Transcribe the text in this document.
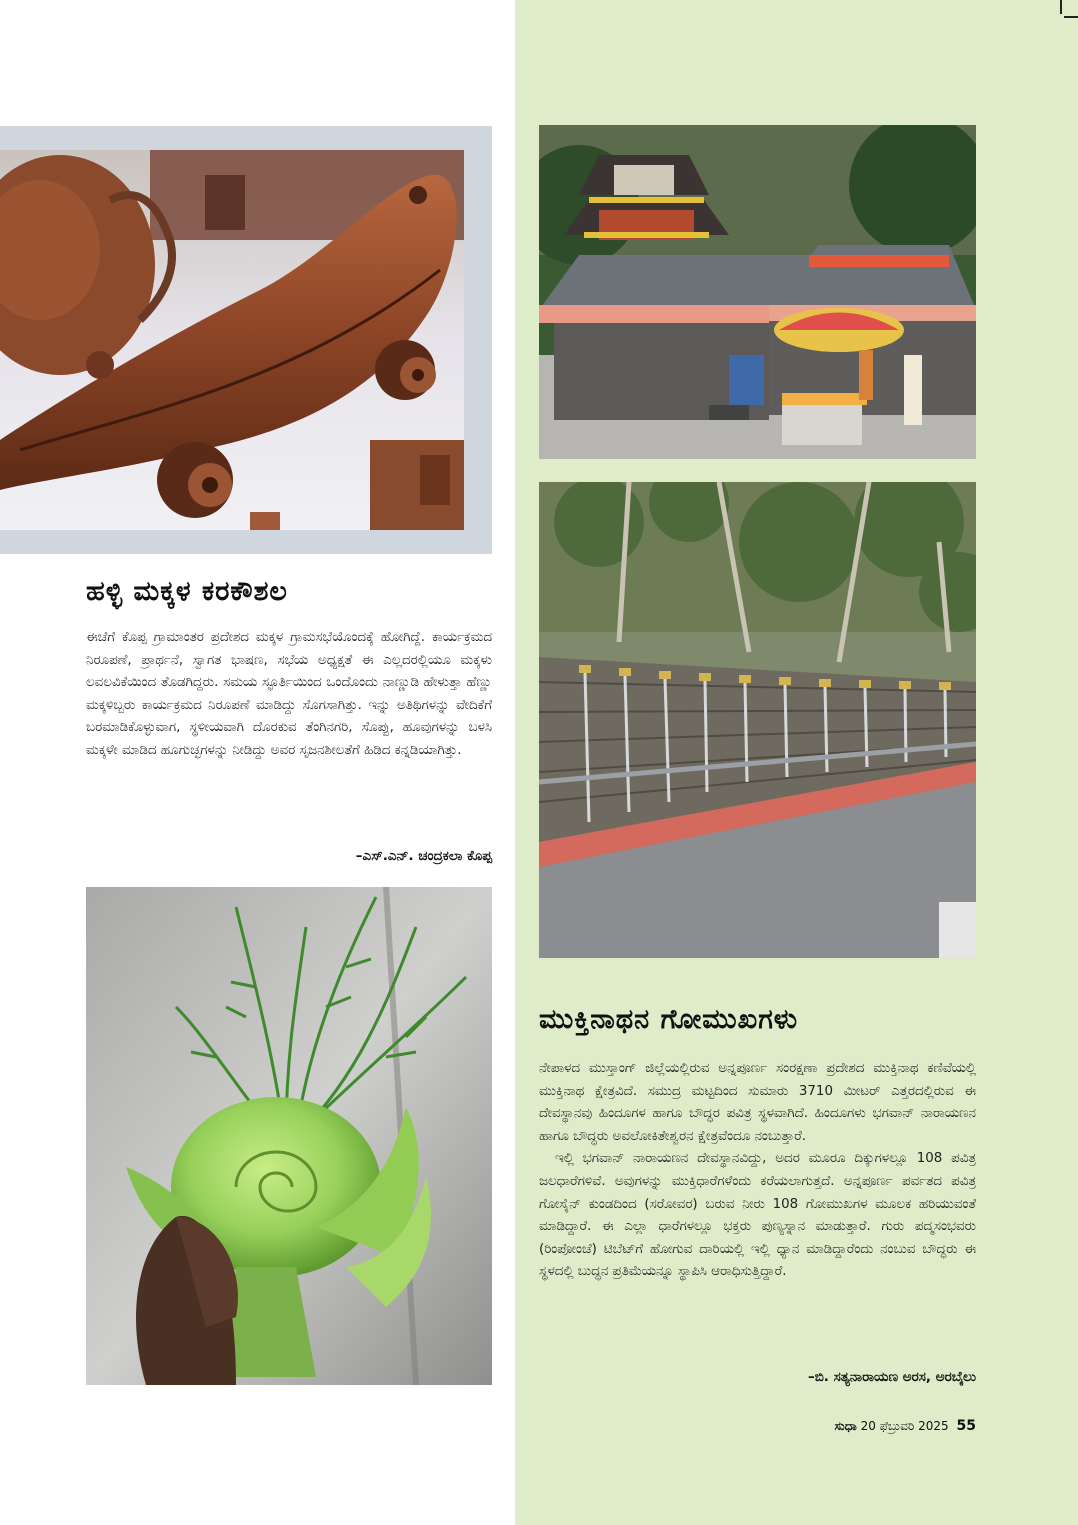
ಹಳ್ಳಿ ಮಕ್ಕಳ ಕರಕೌಶಲ

ಈಚೆಗೆ ಕೊಪ್ಪ ಗ್ರಾಮಾಂತರ ಪ್ರದೇಶದ ಮಕ್ಕಳ ಗ್ರಾಮಸಭೆಯೊಂದಕ್ಕೆ ಹೋಗಿದ್ದೆ. ಕಾರ್ಯಕ್ರಮದ ನಿರೂಪಣೆ, ಪ್ರಾರ್ಥನೆ, ಸ್ವಾಗತ ಭಾಷಣ, ಸಭೆಯ ಅಧ್ಯಕ್ಷತೆ ಈ ಎಲ್ಲದರಲ್ಲಿಯೂ ಮಕ್ಕಳು ಲವಲವಿಕೆಯಿಂದ ತೊಡಗಿದ್ದರು. ಸಮಯ ಸ್ಫೂರ್ತಿಯಿಂದ ಒಂದೊಂದು ನಾಣ್ಣುಡಿ ಹೇಳುತ್ತಾ ಹೆಣ್ಣು ಮಕ್ಕಳಿಬ್ಬರು ಕಾರ್ಯಕ್ರಮದ ನಿರೂಪಣೆ ಮಾಡಿದ್ದು ಸೊಗಸಾಗಿತ್ತು. ಇನ್ನು ಅತಿಥಿಗಳನ್ನು ವೇದಿಕೆಗೆ ಬರಮಾಡಿಕೊಳ್ಳುವಾಗ, ಸ್ಥಳೀಯವಾಗಿ ದೊರಕುವ ತೆಂಗಿನಗರಿ, ಸೊಪ್ಪು, ಹೂವುಗಳನ್ನು ಬಳಸಿ ಮಕ್ಕಳೇ ಮಾಡಿದ ಹೂಗುಚ್ಛಗಳನ್ನು ನೀಡಿದ್ದು ಅವರ ಸೃಜನಶೀಲತೆಗೆ ಹಿಡಿದ ಕನ್ನಡಿಯಾಗಿತ್ತು.

–ಎಸ್.ಎನ್. ಚಂದ್ರಕಲಾ ಕೊಪ್ಪ
ಮುಕ್ತಿನಾಥನ ಗೋಮುಖಗಳು

ನೇಪಾಳದ ಮುಸ್ತಾಂಗ್ ಜಿಲ್ಲೆಯಲ್ಲಿರುವ ಅನ್ನಪೂರ್ಣ ಸಂರಕ್ಷಣಾ ಪ್ರದೇಶದ ಮುಕ್ತಿನಾಥ ಕಣಿವೆಯಲ್ಲಿ ಮುಕ್ತಿನಾಥ ಕ್ಷೇತ್ರವಿದೆ. ಸಮುದ್ರ ಮಟ್ಟದಿಂದ ಸುಮಾರು 3710 ಮೀಟರ್ ಎತ್ತರದಲ್ಲಿರುವ ಈ ದೇವಸ್ಥಾನವು ಹಿಂದೂಗಳ ಹಾಗೂ ಬೌದ್ಧರ ಪವಿತ್ರ ಸ್ಥಳವಾಗಿದೆ. ಹಿಂದೂಗಳು ಭಗವಾನ್ ನಾರಾಯಣನ ಹಾಗೂ ಬೌದ್ಧರು ಅವಲೋಕಿತೇಶ್ವರನ ಕ್ಷೇತ್ರವೆಂದೂ ನಂಬುತ್ತಾರೆ.

ಇಲ್ಲಿ ಭಗವಾನ್ ನಾರಾಯಣನ ದೇವಸ್ಥಾನವಿದ್ದು, ಅದರ ಮೂರೂ ದಿಕ್ಕುಗಳಲ್ಲೂ 108 ಪವಿತ್ರ ಜಲಧಾರೆಗಳಿವೆ. ಅವುಗಳನ್ನು ಮುಕ್ತಿಧಾರೆಗಳೆಂದು ಕರೆಯಲಾಗುತ್ತದೆ. ಅನ್ನಪೂರ್ಣ ಪರ್ವತದ ಪವಿತ್ರ ಗೋಸೈನ್ ಕುಂಡದಿಂದ (ಸರೋವರ) ಬರುವ ನೀರು 108 ಗೋಮುಖಗಳ ಮೂಲಕ ಹರಿಯುವಂತೆ ಮಾಡಿದ್ದಾರೆ. ಈ ಎಲ್ಲಾ ಧಾರೆಗಳಲ್ಲೂ ಭಕ್ತರು ಪುಣ್ಯಸ್ನಾನ ಮಾಡುತ್ತಾರೆ. ಗುರು ಪದ್ಮಸಂಭವರು (ರಿಂಪೋಂಚೆ) ಟಿಬೆಟ್‌ಗೆ ಹೋಗುವ ದಾರಿಯಲ್ಲಿ ಇಲ್ಲಿ ಧ್ಯಾನ ಮಾಡಿದ್ದಾರೆಂದು ನಂಬುವ ಬೌದ್ಧರು ಈ ಸ್ಥಳದಲ್ಲಿ ಬುದ್ಧನ ಪ್ರತಿಮೆಯನ್ನೂ ಸ್ಥಾಪಿಸಿ ಆರಾಧಿಸುತ್ತಿದ್ದಾರೆ.

–ಬಿ. ಸತ್ಯನಾರಾಯಣ ಅರಸ, ಅರಬೈಲು
ಸುಧಾ 20 ಫೆಬ್ರುವರಿ 2025 55
